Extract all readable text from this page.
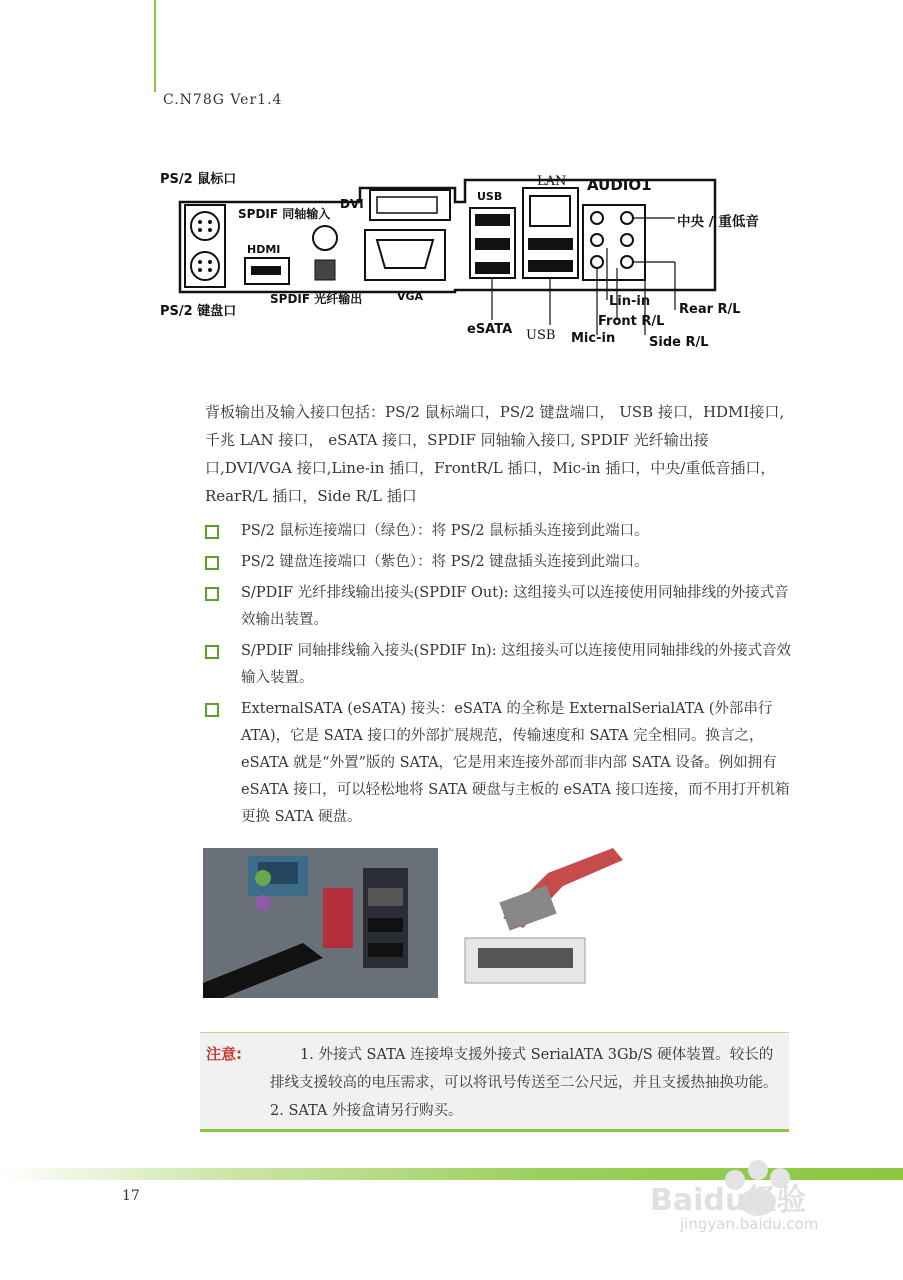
C.N78G Ver1.4
PS/2 鼠标口
PS/2 键盘口
SPDIF 同轴输入
HDMI
DVI
SPDIF 光纤输出	VGA
USB
eSATA
LAN
USB
AUDIO1
中央 / 重低音
Rear R/L
Lin-in
Front R/L
Mic-in	Side R/L
背板输出及输入接口包括：PS/2 鼠标端口，PS/2 键盘端口， USB 接口，HDMI接口, 千兆 LAN 接口， eSATA 接口，SPDIF 同轴输入接口, SPDIF 光纤输出接口,DVI/VGA 接口,Line-in 插口，FrontR/L 插口，Mic-in 插口，中央/重低音插口，RearR/L 插口，Side R/L 插口
PS/2 鼠标连接端口（绿色）：将 PS/2 鼠标插头连接到此端口。
PS/2 键盘连接端口（紫色）：将 PS/2 键盘插头连接到此端口。
S/PDIF 光纤排线输出接头(SPDIF Out): 这组接头可以连接使用同轴排线的外接式音效输出装置。
S/PDIF 同轴排线输入接头(SPDIF In): 这组接头可以连接使用同轴排线的外接式音效输入装置。
ExternalSATA (eSATA) 接头：eSATA 的全称是 ExternalSerialATA (外部串行 ATA)，它是 SATA 接口的外部扩展规范，传输速度和 SATA 完全相同。换言之，eSATA 就是“外置”版的 SATA，它是用来连接外部而非内部 SATA 设备。例如拥有 eSATA 接口，可以轻松地将 SATA 硬盘与主板的 eSATA 接口连接，而不用打开机箱更换 SATA 硬盘。
注意:	1. 外接式 SATA 连接埠支援外接式 SerialATA 3Gb/S 硬体装置。较长的排线支援较高的电压需求，可以将讯号传送至二公尺远，并且支援热抽换功能。2. SATA 外接盒请另行购买。
17	Baidu经验
jingyan.baidu.com
